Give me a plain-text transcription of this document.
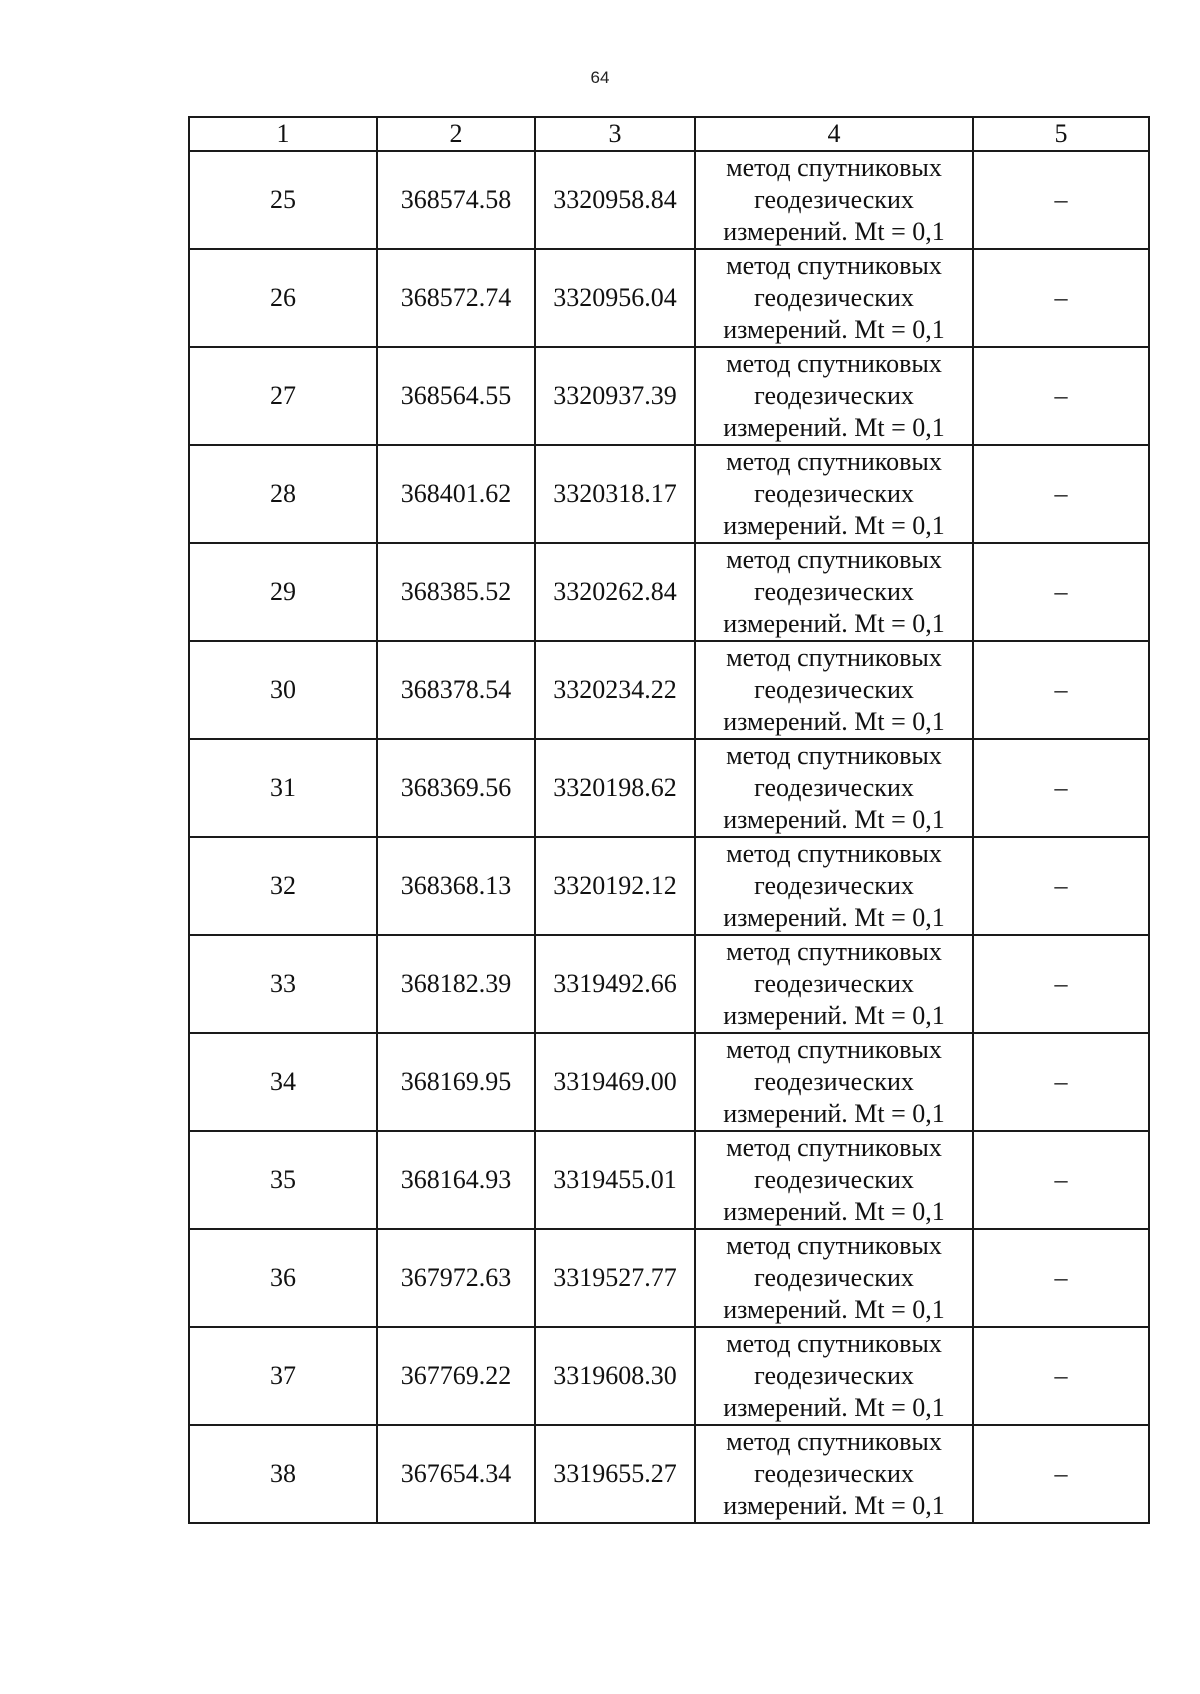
64
1	2	3	4	5
25	368574.58	3320958.84	метод спутниковых геодезических измерений. Mt = 0,1	–
26	368572.74	3320956.04	метод спутниковых геодезических измерений. Mt = 0,1	–
27	368564.55	3320937.39	метод спутниковых геодезических измерений. Mt = 0,1	–
28	368401.62	3320318.17	метод спутниковых геодезических измерений. Mt = 0,1	–
29	368385.52	3320262.84	метод спутниковых геодезических измерений. Mt = 0,1	–
30	368378.54	3320234.22	метод спутниковых геодезических измерений. Mt = 0,1	–
31	368369.56	3320198.62	метод спутниковых геодезических измерений. Mt = 0,1	–
32	368368.13	3320192.12	метод спутниковых геодезических измерений. Mt = 0,1	–
33	368182.39	3319492.66	метод спутниковых геодезических измерений. Mt = 0,1	–
34	368169.95	3319469.00	метод спутниковых геодезических измерений. Mt = 0,1	–
35	368164.93	3319455.01	метод спутниковых геодезических измерений. Mt = 0,1	–
36	367972.63	3319527.77	метод спутниковых геодезических измерений. Mt = 0,1	–
37	367769.22	3319608.30	метод спутниковых геодезических измерений. Mt = 0,1	–
38	367654.34	3319655.27	метод спутниковых геодезических измерений. Mt = 0,1	–
